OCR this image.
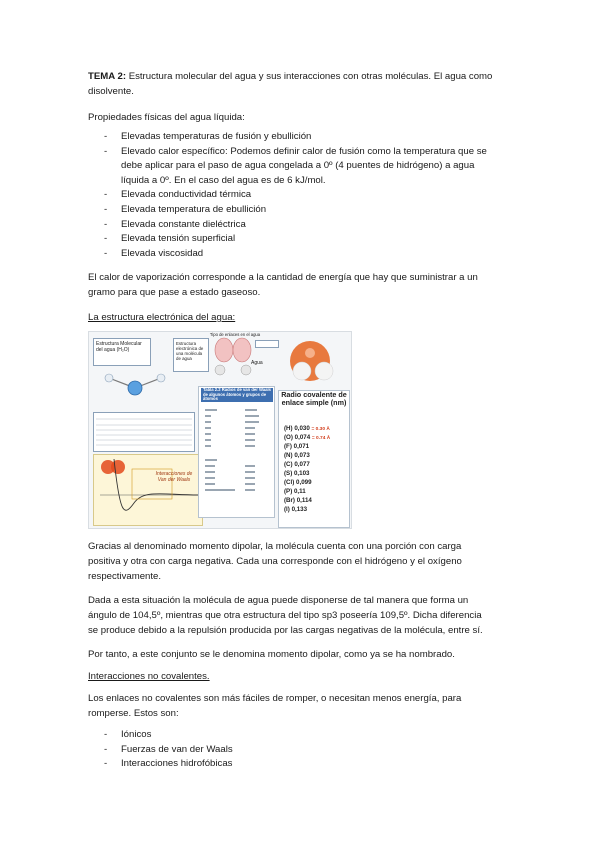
TEMA 2: Estructura molecular del agua y sus interacciones con otras moléculas. El agua como
disolvente.
Propiedades físicas del agua líquida:
- Elevadas temperaturas de fusión y ebullición
- Elevado calor específico: Podemos definir calor de fusión como la temperatura que se
debe aplicar para el paso de agua congelada a 0º (4 puentes de hidrógeno) a agua
líquida a 0º. En el caso del agua es de 6 kJ/mol.
- Elevada conductividad térmica
- Elevada temperatura de ebullición
- Elevada constante dieléctrica
- Elevada tensión superficial
- Elevada viscosidad
El calor de vaporización corresponde a la cantidad de energía que hay que suministrar a un
gramo para que pase a estado gaseoso.
La estructura electrónica del agua:
Estructura Molecular del agua (H₂O)
Estructura electrónica de una molécula de agua
Tipo de enlaces en el agua
Agua
Interacciones de Van der Waals
Tabla 2.2 Radios de van der Waals de algunos átomos y grupos de átomos	Radio covalente de enlace simple (nm)
(H) 0,030 = 0.30 Å
(O) 0,074 = 0.74 Å
(F) 0,071
(N) 0,073
(C) 0,077
(S) 0,103
(Cl) 0,099
(P) 0,11
(Br) 0,114
(I) 0,133
Gracias al denominado momento dipolar, la molécula cuenta con una porción con carga
positiva y otra con carga negativa. Cada una corresponde con el hidrógeno y el oxígeno
respectivamente.
Dada a esta situación la molécula de agua puede disponerse de tal manera que forma un
ángulo de 104,5º, mientras que otra estructura del tipo sp3 poseería 109,5º. Dicha diferencia
se produce debido a la repulsión producida por las cargas negativas de la molécula, entre sí.
Por tanto, a este conjunto se le denomina momento dipolar, como ya se ha nombrado.
Interacciones no covalentes.
Los enlaces no covalentes son más fáciles de romper, o necesitan menos energía, para
romperse. Estos son:
- Iónicos
- Fuerzas de van der Waals
- Interacciones hidrofóbicas
